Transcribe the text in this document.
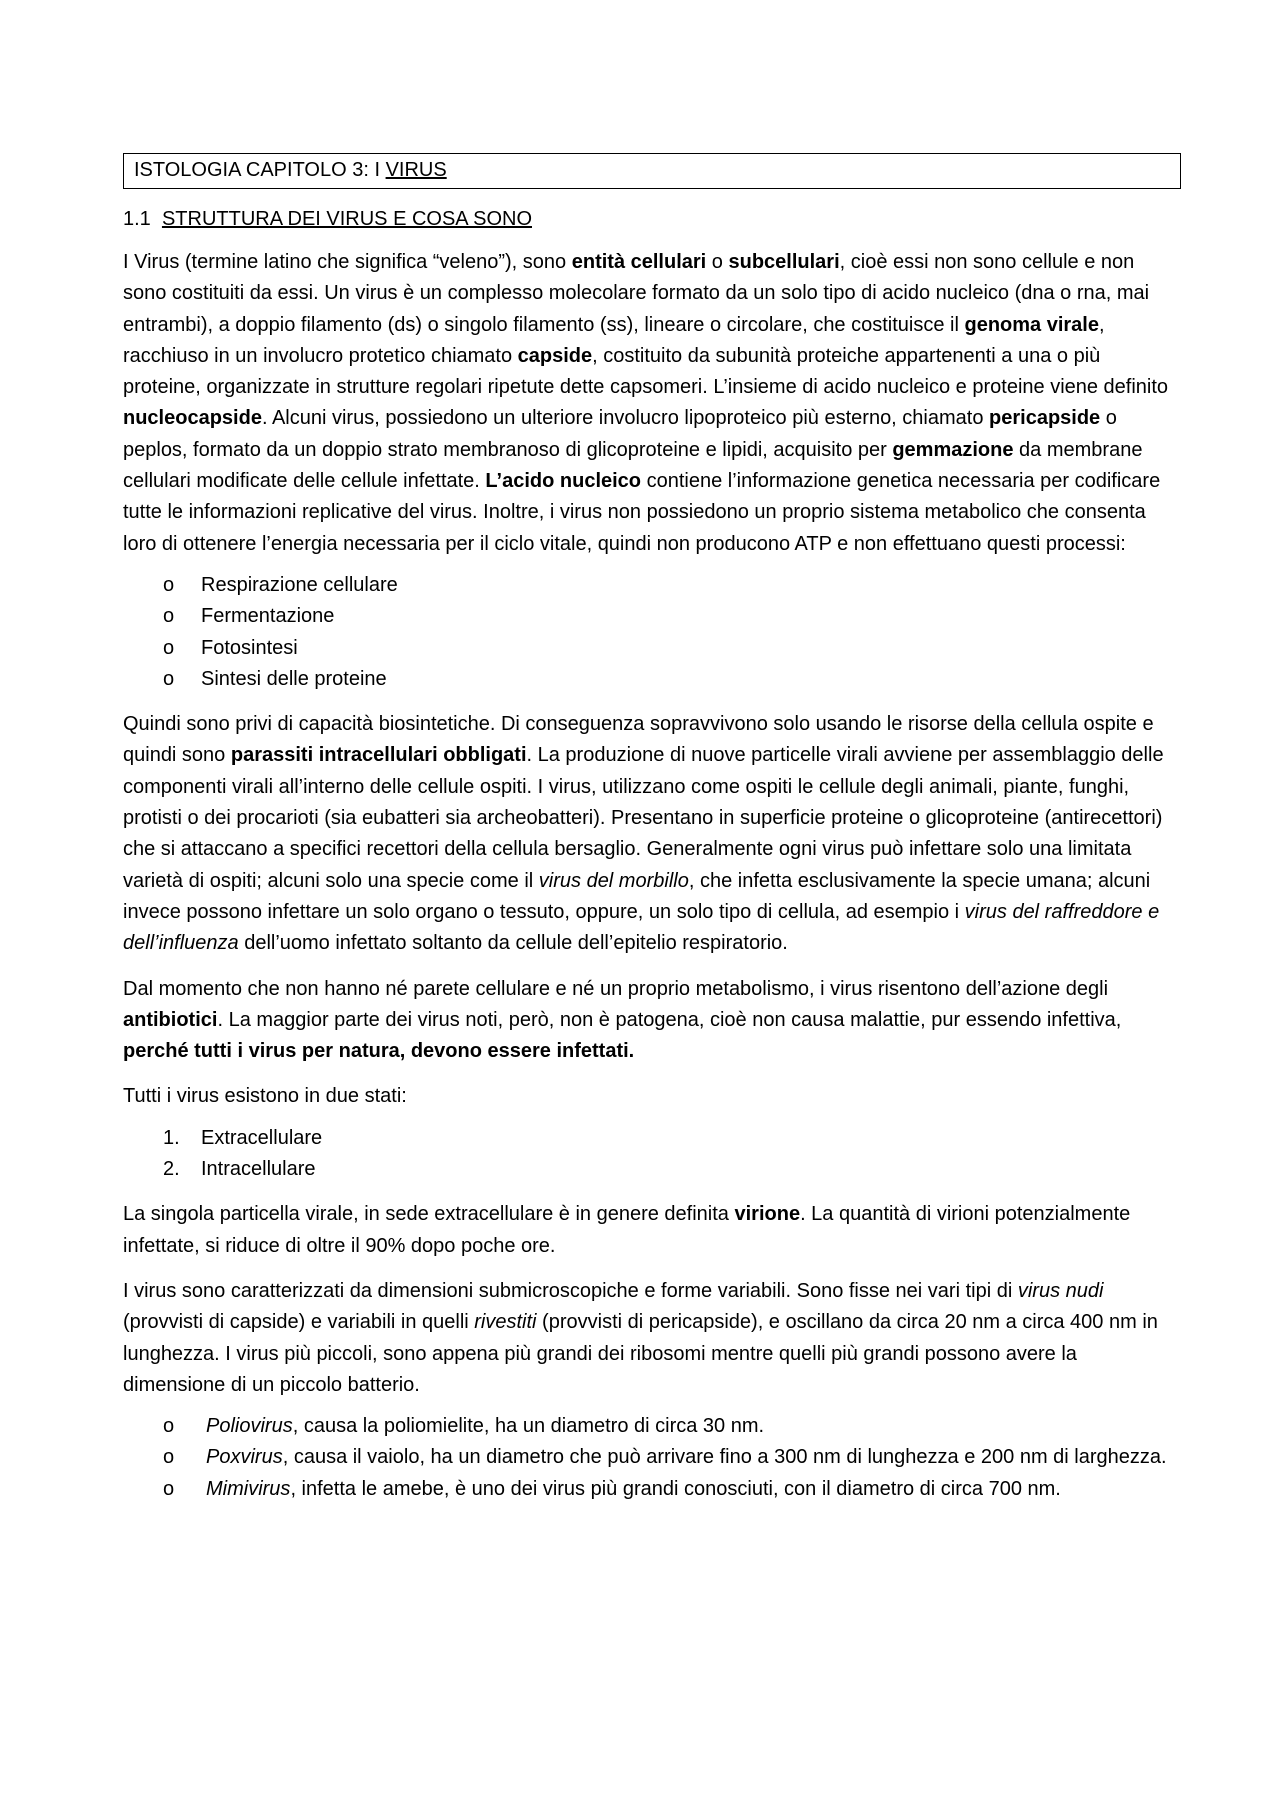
ISTOLOGIA CAPITOLO 3: I VIRUS
1.1 STRUTTURA DEI VIRUS E COSA SONO

I Virus (termine latino che significa “veleno”), sono entità cellulari o subcellulari, cioè essi non sono cellule e non sono costituiti da essi. Un virus è un complesso molecolare formato da un solo tipo di acido nucleico (dna o rna, mai entrambi), a doppio filamento (ds) o singolo filamento (ss), lineare o circolare, che costituisce il genoma virale, racchiuso in un involucro protetico chiamato capside, costituito da subunità proteiche appartenenti a una o più proteine, organizzate in strutture regolari ripetute dette capsomeri. L’insieme di acido nucleico e proteine viene definito nucleocapside. Alcuni virus, possiedono un ulteriore involucro lipoproteico più esterno, chiamato pericapside o peplos, formato da un doppio strato membranoso di glicoproteine e lipidi, acquisito per gemmazione da membrane cellulari modificate delle cellule infettate. L’acido nucleico contiene l’informazione genetica necessaria per codificare tutte le informazioni replicative del virus. Inoltre, i virus non possiedono un proprio sistema metabolico che consenta loro di ottenere l’energia necessaria per il ciclo vitale, quindi non producono ATP e non effettuano questi processi:

o Respirazione cellulare
o Fermentazione
o Fotosintesi
o Sintesi delle proteine

Quindi sono privi di capacità biosintetiche. Di conseguenza sopravvivono solo usando le risorse della cellula ospite e quindi sono parassiti intracellulari obbligati. La produzione di nuove particelle virali avviene per assemblaggio delle componenti virali all’interno delle cellule ospiti. I virus, utilizzano come ospiti le cellule degli animali, piante, funghi, protisti o dei procarioti (sia eubatteri sia archeobatteri). Presentano in superficie proteine o glicoproteine (antirecettori) che si attaccano a specifici recettori della cellula bersaglio. Generalmente ogni virus può infettare solo una limitata varietà di ospiti; alcuni solo una specie come il virus del morbillo, che infetta esclusivamente la specie umana; alcuni invece possono infettare un solo organo o tessuto, oppure, un solo tipo di cellula, ad esempio i virus del raffreddore e dell’influenza dell’uomo infettato soltanto da cellule dell’epitelio respiratorio.

Dal momento che non hanno né parete cellulare e né un proprio metabolismo, i virus risentono dell’azione degli antibiotici. La maggior parte dei virus noti, però, non è patogena, cioè non causa malattie, pur essendo infettiva, perché tutti i virus per natura, devono essere infettati.

Tutti i virus esistono in due stati:

1. Extracellulare
2. Intracellulare

La singola particella virale, in sede extracellulare è in genere definita virione. La quantità di virioni potenzialmente infettate, si riduce di oltre il 90% dopo poche ore.

I virus sono caratterizzati da dimensioni submicroscopiche e forme variabili. Sono fisse nei vari tipi di virus nudi (provvisti di capside) e variabili in quelli rivestiti (provvisti di pericapside), e oscillano da circa 20 nm a circa 400 nm in lunghezza. I virus più piccoli, sono appena più grandi dei ribosomi mentre quelli più grandi possono avere la dimensione di un piccolo batterio.

o Poliovirus, causa la poliomielite, ha un diametro di circa 30 nm.
o Poxvirus, causa il vaiolo, ha un diametro che può arrivare fino a 300 nm di lunghezza e 200 nm di larghezza.
o Mimivirus, infetta le amebe, è uno dei virus più grandi conosciuti, con il diametro di circa 700 nm.
